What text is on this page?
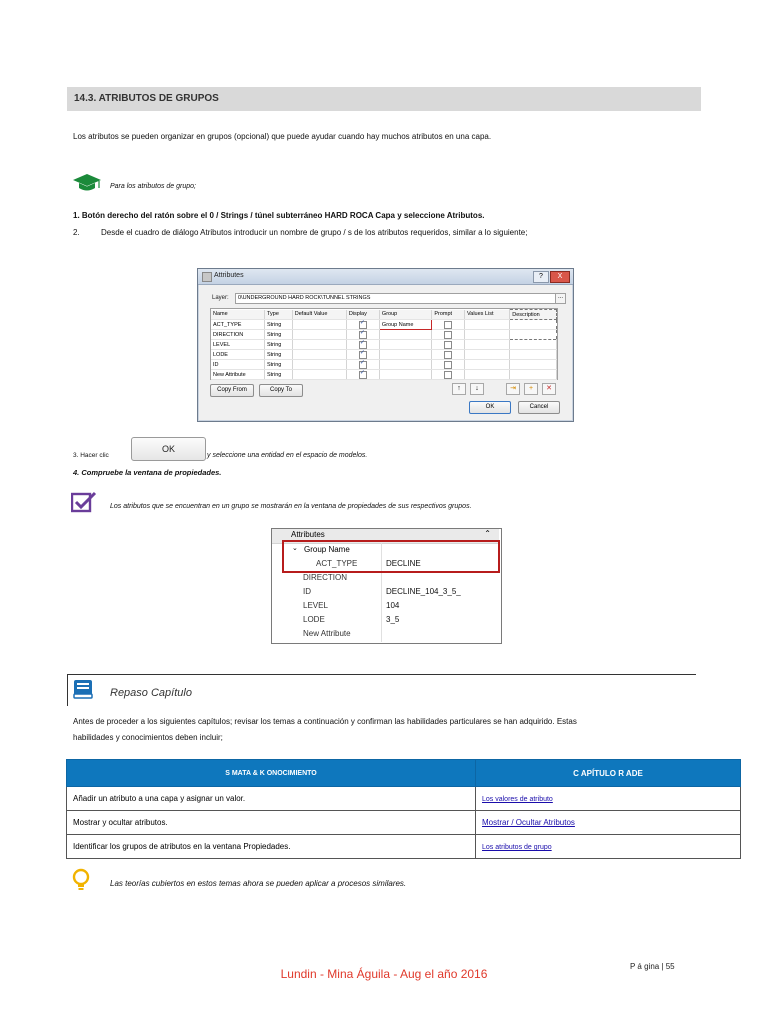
14.3. ATRIBUTOS DE GRUPOS
Los atributos se pueden organizar en grupos (opcional) que puede ayudar cuando hay muchos atributos en una capa.
Para los atributos de grupo;
1. Botón derecho del ratón sobre el 0 / Strings / túnel subterráneo HARD ROCA Capa y seleccione Atributos.
2.	Desde el cuadro de diálogo Atributos introducir un nombre de grupo / s de los atributos requeridos, similar a lo siguiente;
Attributes	?	X
Layer: 0\UNDERGROUND HARD ROCK\TUNNEL STRINGS	...
Name	Type	Default Value	Display	Group	Prompt	Values List	Description
ACT_TYPE	String		✓	Group Name			
DIRECTION	String		✓				
LEVEL	String		✓				
LODE	String		✓				
ID	String		✓				
New Attribute	String		✓				
Copy From	Copy To	↑	↓	⇥	+	✕
OK	Cancel
3. Hacer clic
OK
y seleccione una entidad en el espacio de modelos.
4. Compruebe la ventana de propiedades.
Los atributos que se encuentran en un grupo se mostrarán en la ventana de propiedades de sus respectivos grupos.
Attributes	⌃
⌄ Group Name
ACT_TYPE	DECLINE
DIRECTION
ID	DECLINE_104_3_5_
LEVEL	104
LODE	3_5
New Attribute
Repaso Capítulo
Antes de proceder a los siguientes capítulos; revisar los temas a continuación y confirman las habilidades particulares se han adquirido. Estas
habilidades y conocimientos deben incluir;
S MATA & K ONOCIMIENTO	C APÍTULO R ADE
Añadir un atributo a una capa y asignar un valor.	Los valores de atributo
Mostrar y ocultar atributos.	Mostrar / Ocultar Atributos
Identificar los grupos de atributos en la ventana Propiedades.	Los atributos de grupo
Las teorías cubiertos en estos temas ahora se pueden aplicar a procesos similares.
P á gina | 55
Lundin - Mina Águila - Aug el año 2016
